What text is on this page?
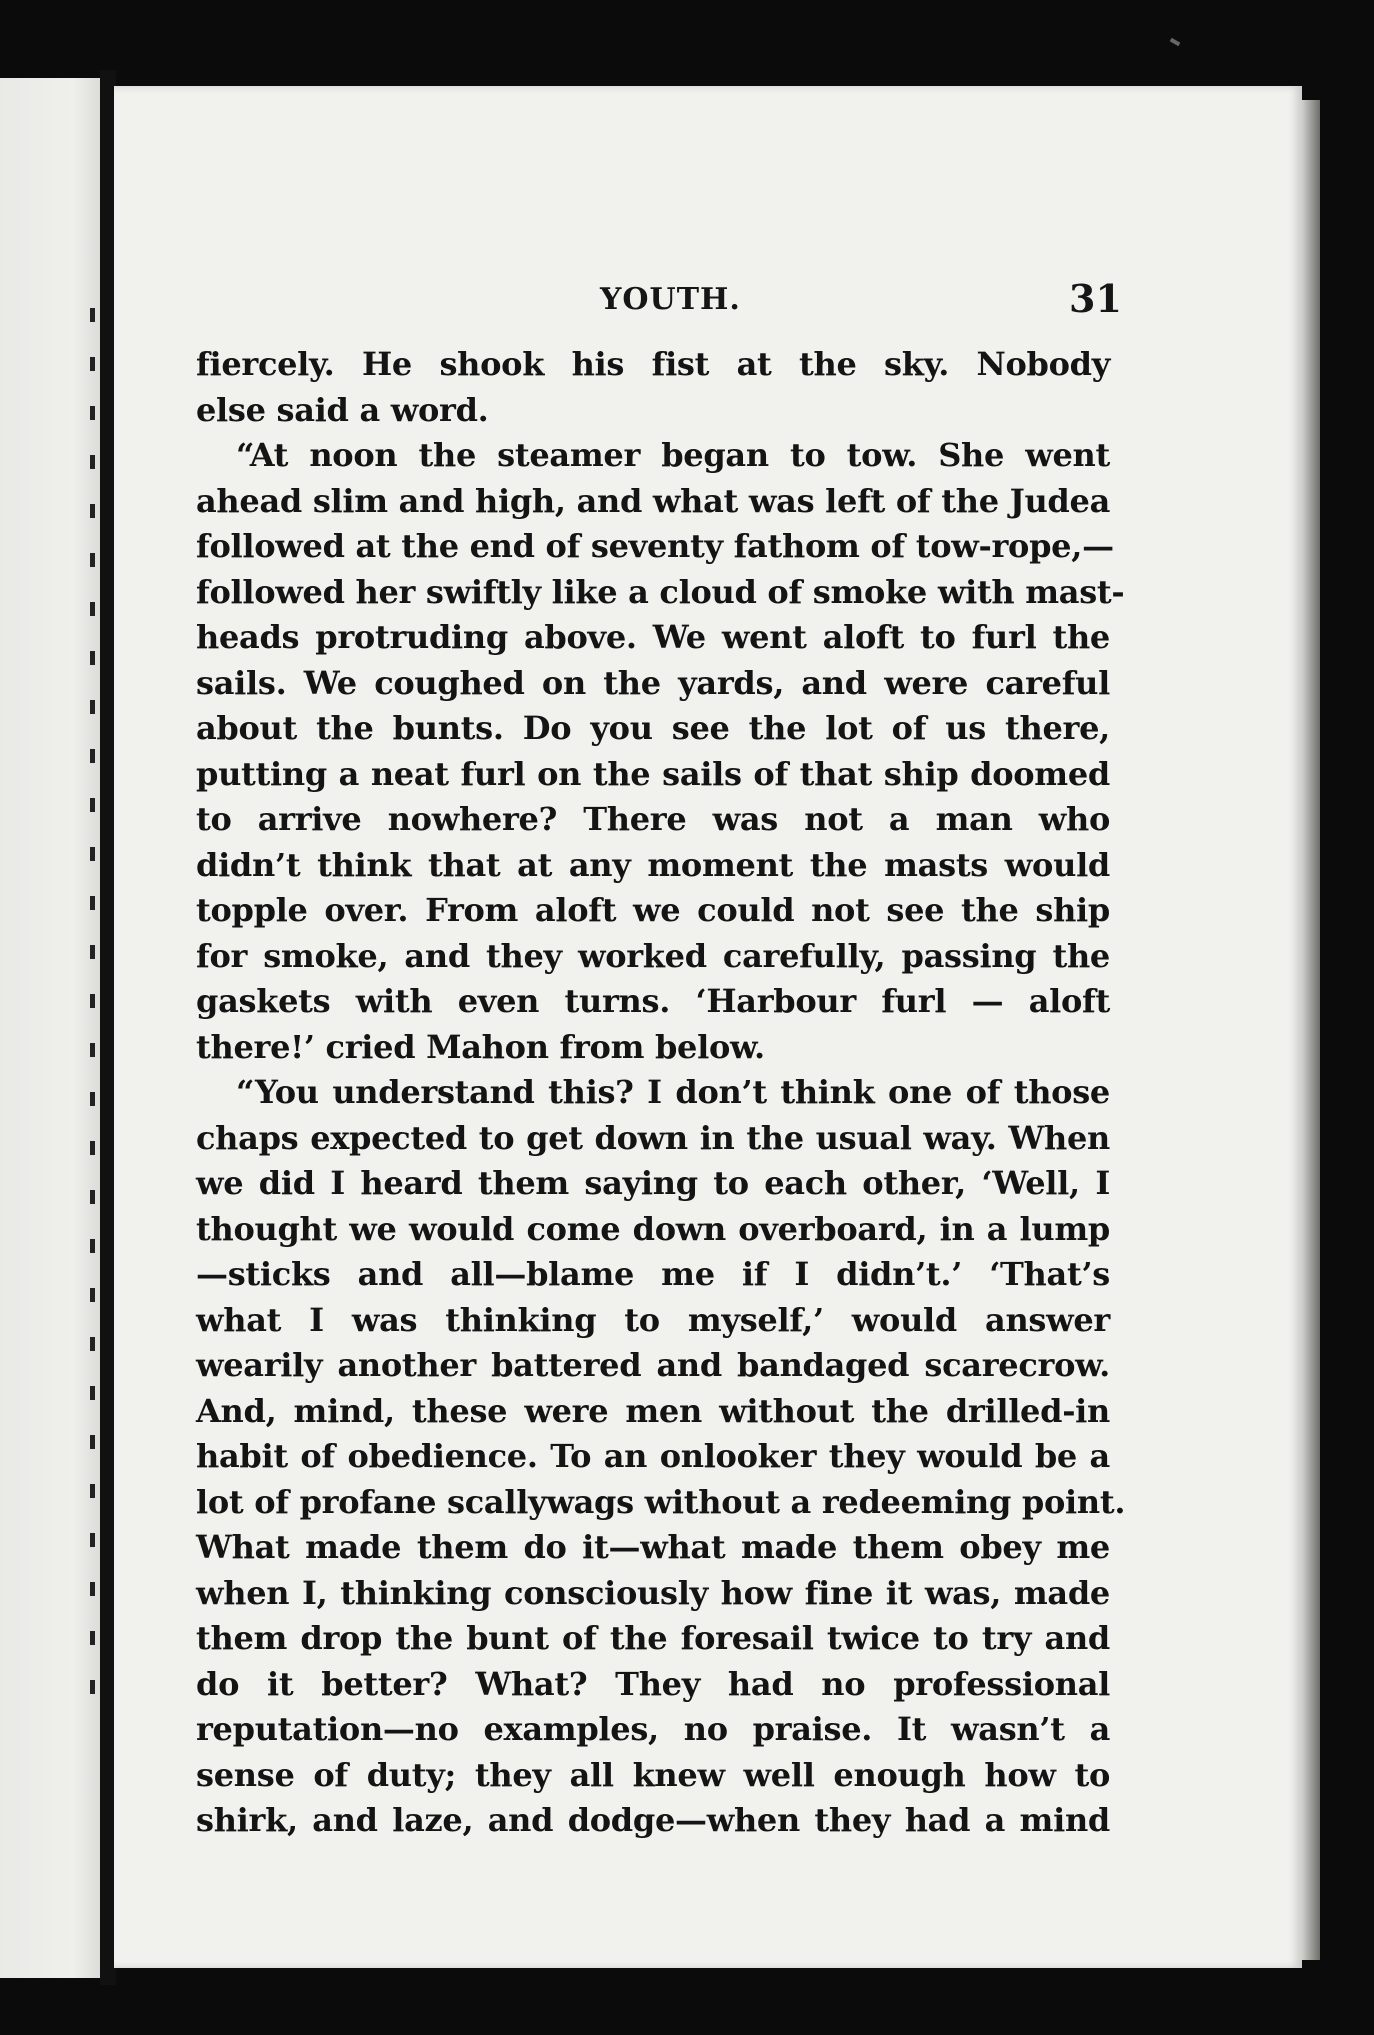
YOUTH.	31
fiercely. He shook his fist at the sky. Nobody
else said a word.
“At noon the steamer began to tow. She went
ahead slim and high, and what was left of the Judea
followed at the end of seventy fathom of tow-rope,—
followed her swiftly like a cloud of smoke with mast-
heads protruding above. We went aloft to furl the
sails. We coughed on the yards, and were careful
about the bunts. Do you see the lot of us there,
putting a neat furl on the sails of that ship doomed
to arrive nowhere? There was not a man who
didn’t think that at any moment the masts would
topple over. From aloft we could not see the ship
for smoke, and they worked carefully, passing the
gaskets with even turns. ‘Harbour furl — aloft
there!’ cried Mahon from below.
“You understand this? I don’t think one of those
chaps expected to get down in the usual way. When
we did I heard them saying to each other, ‘Well, I
thought we would come down overboard, in a lump
—sticks and all—blame me if I didn’t.’ ‘That’s
what I was thinking to myself,’ would answer
wearily another battered and bandaged scarecrow.
And, mind, these were men without the drilled-in
habit of obedience. To an onlooker they would be a
lot of profane scallywags without a redeeming point.
What made them do it—what made them obey me
when I, thinking consciously how fine it was, made
them drop the bunt of the foresail twice to try and
do it better? What? They had no professional
reputation—no examples, no praise. It wasn’t a
sense of duty; they all knew well enough how to
shirk, and laze, and dodge—when they had a mind
